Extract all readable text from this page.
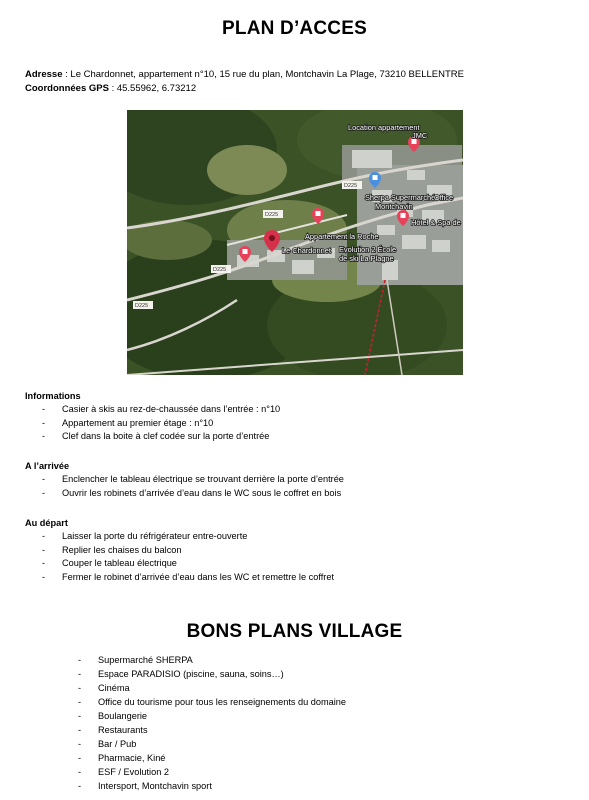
PLAN D’ACCES
Adresse : Le Chardonnet, appartement n°10, 15 rue du plan, Montchavin La Plage, 73210 BELLENTRE
Coordonnées GPS : 45.55962, 6.73212
D225
D225
D225
D225
Location appartement
JMC
Sherpa Supermarché
Montchavin
Office
Hôtel & Spa de
Appartement la Roche
Le Chardonnet Evolution 2 École
de ski La Plagne
Informations
- Casier à skis au rez-de-chaussée dans l’entrée : n°10
- Appartement au premier étage : n°10
- Clef dans la boite à clef codée sur la porte d’entrée
A l’arrivée
- Enclencher le tableau électrique se trouvant derrière la porte d’entrée
- Ouvrir les robinets d’arrivée d’eau dans le WC sous le coffret en bois
Au départ
- Laisser la porte du réfrigérateur entre-ouverte
- Replier les chaises du balcon
- Couper le tableau électrique
- Fermer le robinet d’arrivée d’eau dans les WC et remettre le coffret
BONS PLANS VILLAGE
- Supermarché SHERPA
- Espace PARADISIO (piscine, sauna, soins…)
- Cinéma
- Office du tourisme pour tous les renseignements du domaine
- Boulangerie
- Restaurants
- Bar / Pub
- Pharmacie, Kiné
- ESF / Evolution 2
- Intersport, Montchavin sport
